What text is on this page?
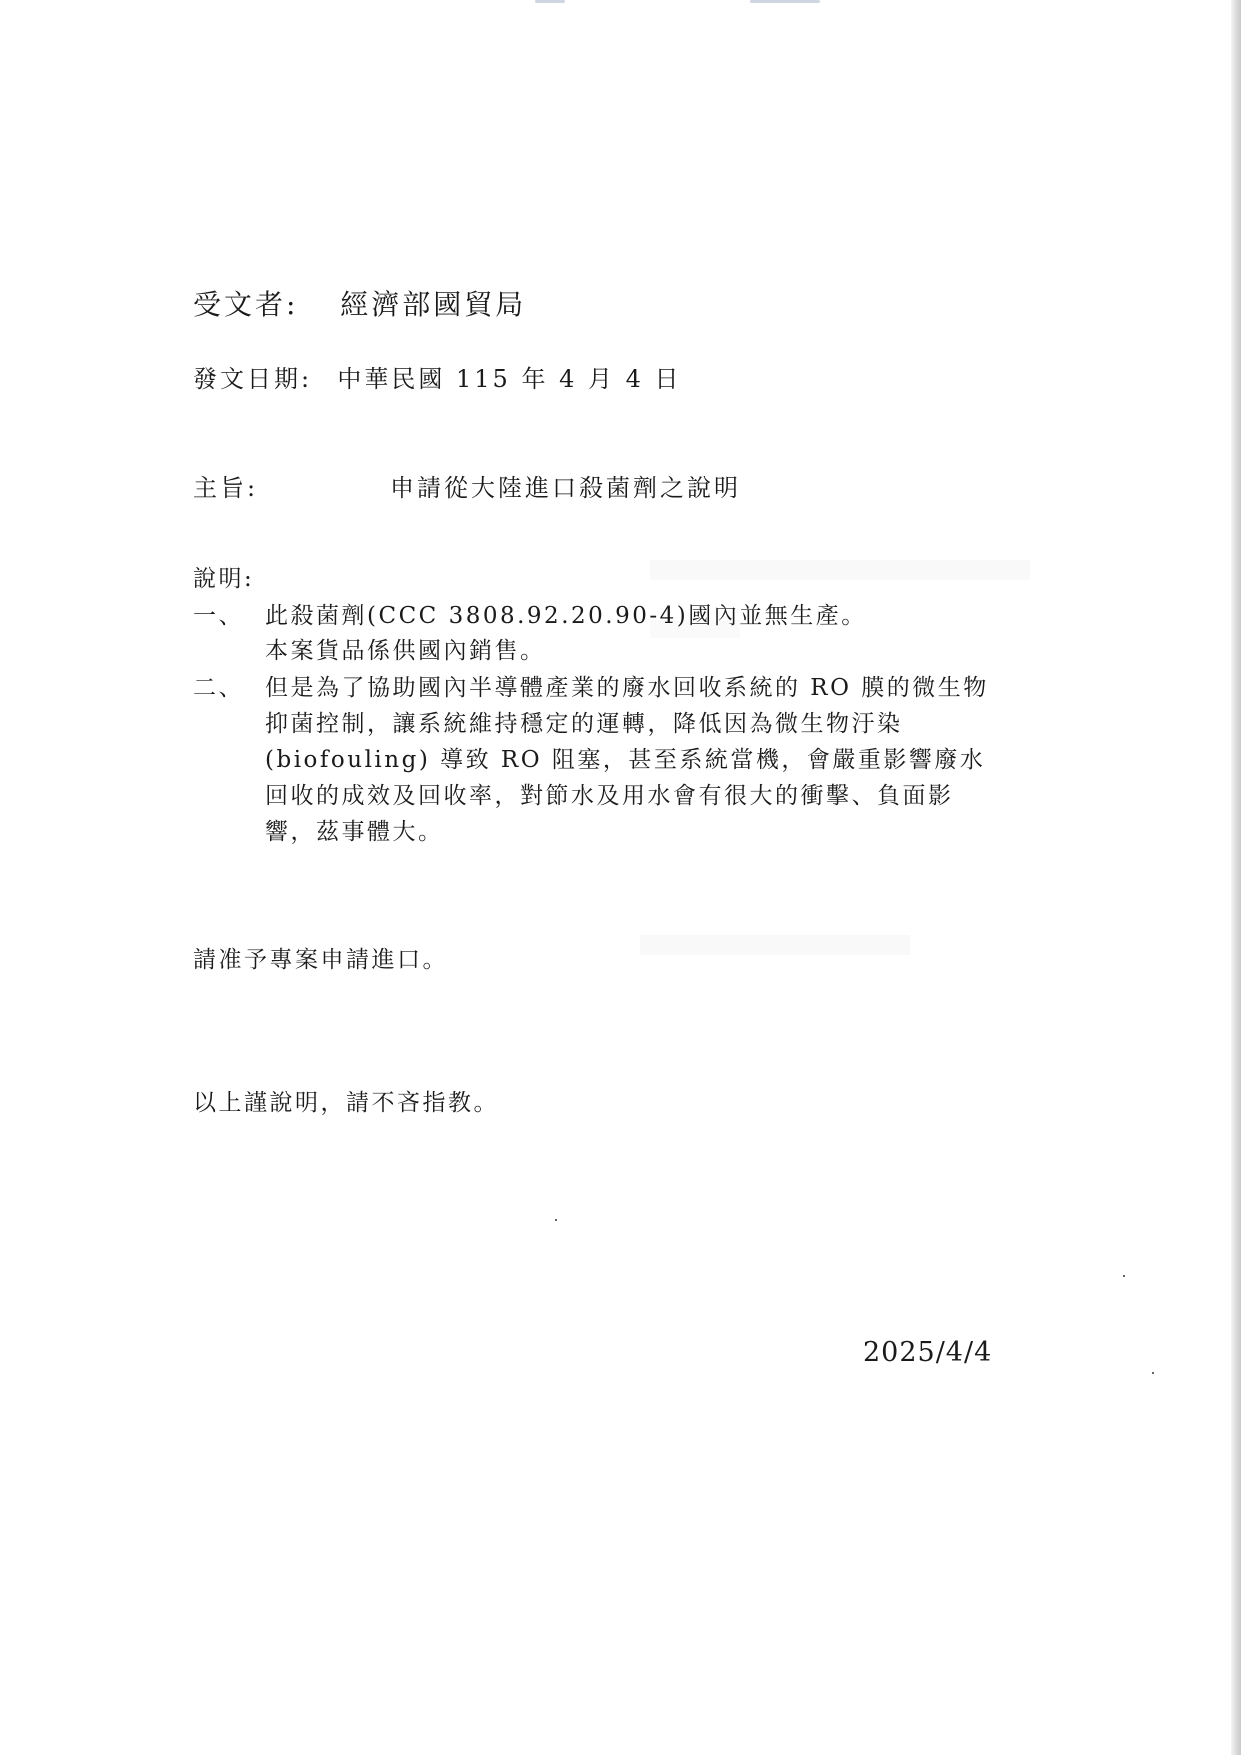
受文者: 經濟部國貿局
發文日期: 中華民國 115 年 4 月 4 日
主旨:	申請從大陸進口殺菌劑之說明
說明:
一、 此殺菌劑(CCC 3808.92.20.90-4)國內並無生產。
本案貨品係供國內銷售。
二、 但是為了協助國內半導體產業的廢水回收系統的 RO 膜的微生物
抑菌控制，讓系統維持穩定的運轉，降低因為微生物汙染
(biofouling) 導致 RO 阻塞，甚至系統當機，會嚴重影響廢水
回收的成效及回收率，對節水及用水會有很大的衝擊、負面影
響，茲事體大。
請准予專案申請進口。
以上謹說明，請不吝指教。
2025/4/4
